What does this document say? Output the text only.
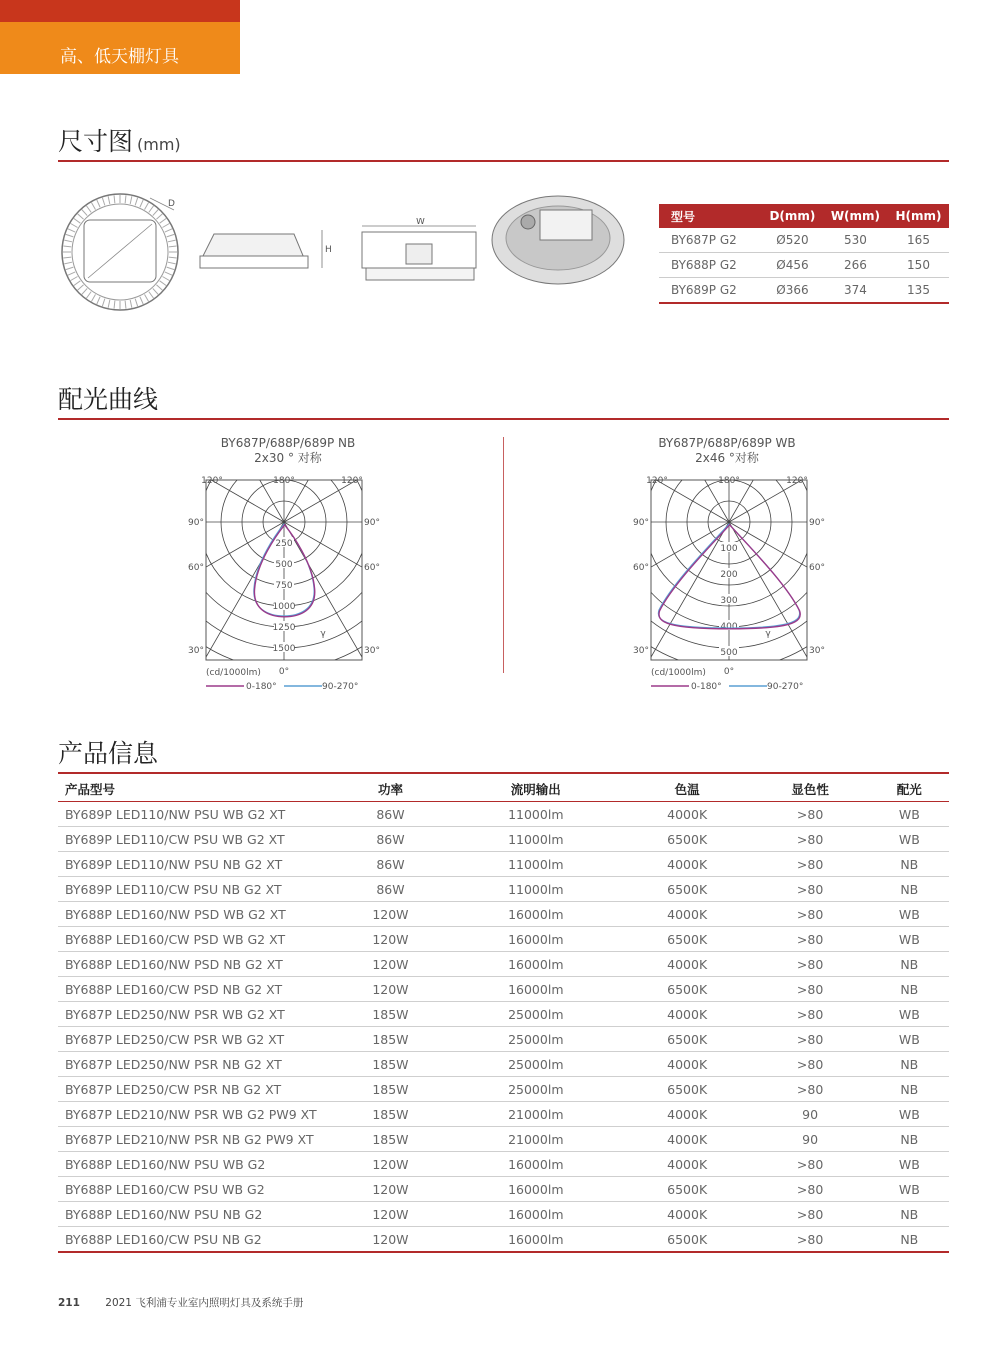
高、低天棚灯具
尺寸图 (mm)
D
H
W	型号	D(mm)	W(mm)	H(mm)
BY687P G2	Ø520	530	165
BY688P G2	Ø456	266	150
BY689P G2	Ø366	374	135
配光曲线
BY687P/688P/689P NB
2x30 ° 对称
BY687P/688P/689P WB
2x46 °对称
180°
120°	120°
90°	90°
60°	60°
30°	30°
0°
γ
250
500
750
1000
1250
1500
(cd/1000lm)
0-180°	90-270°
180°
120°	120°
90°	90°
60°	60°
30°	30°
0°
γ
100
200
300
400
500
(cd/1000lm)
0-180°	90-270°
产品信息
产品型号	功率	流明输出	色温	显色性	配光
BY689P LED110/NW PSU WB G2 XT	86W	11000lm	4000K	>80	WB
BY689P LED110/CW PSU WB G2 XT	86W	11000lm	6500K	>80	WB
BY689P LED110/NW PSU NB G2 XT	86W	11000lm	4000K	>80	NB
BY689P LED110/CW PSU NB G2 XT	86W	11000lm	6500K	>80	NB
BY688P LED160/NW PSD WB G2 XT	120W	16000lm	4000K	>80	WB
BY688P LED160/CW PSD WB G2 XT	120W	16000lm	6500K	>80	WB
BY688P LED160/NW PSD NB G2 XT	120W	16000lm	4000K	>80	NB
BY688P LED160/CW PSD NB G2 XT	120W	16000lm	6500K	>80	NB
BY687P LED250/NW PSR WB G2 XT	185W	25000lm	4000K	>80	WB
BY687P LED250/CW PSR WB G2 XT	185W	25000lm	6500K	>80	WB
BY687P LED250/NW PSR NB G2 XT	185W	25000lm	4000K	>80	NB
BY687P LED250/CW PSR NB G2 XT	185W	25000lm	6500K	>80	NB
BY687P LED210/NW PSR WB G2 PW9 XT	185W	21000lm	4000K	90	WB
BY687P LED210/NW PSR NB G2 PW9 XT	185W	21000lm	4000K	90	NB
BY688P LED160/NW PSU WB G2	120W	16000lm	4000K	>80	WB
BY688P LED160/CW PSU WB G2	120W	16000lm	6500K	>80	WB
BY688P LED160/NW PSU NB G2	120W	16000lm	4000K	>80	NB
BY688P LED160/CW PSU NB G2	120W	16000lm	6500K	>80	NB
211 2021 飞利浦专业室内照明灯具及系统手册
